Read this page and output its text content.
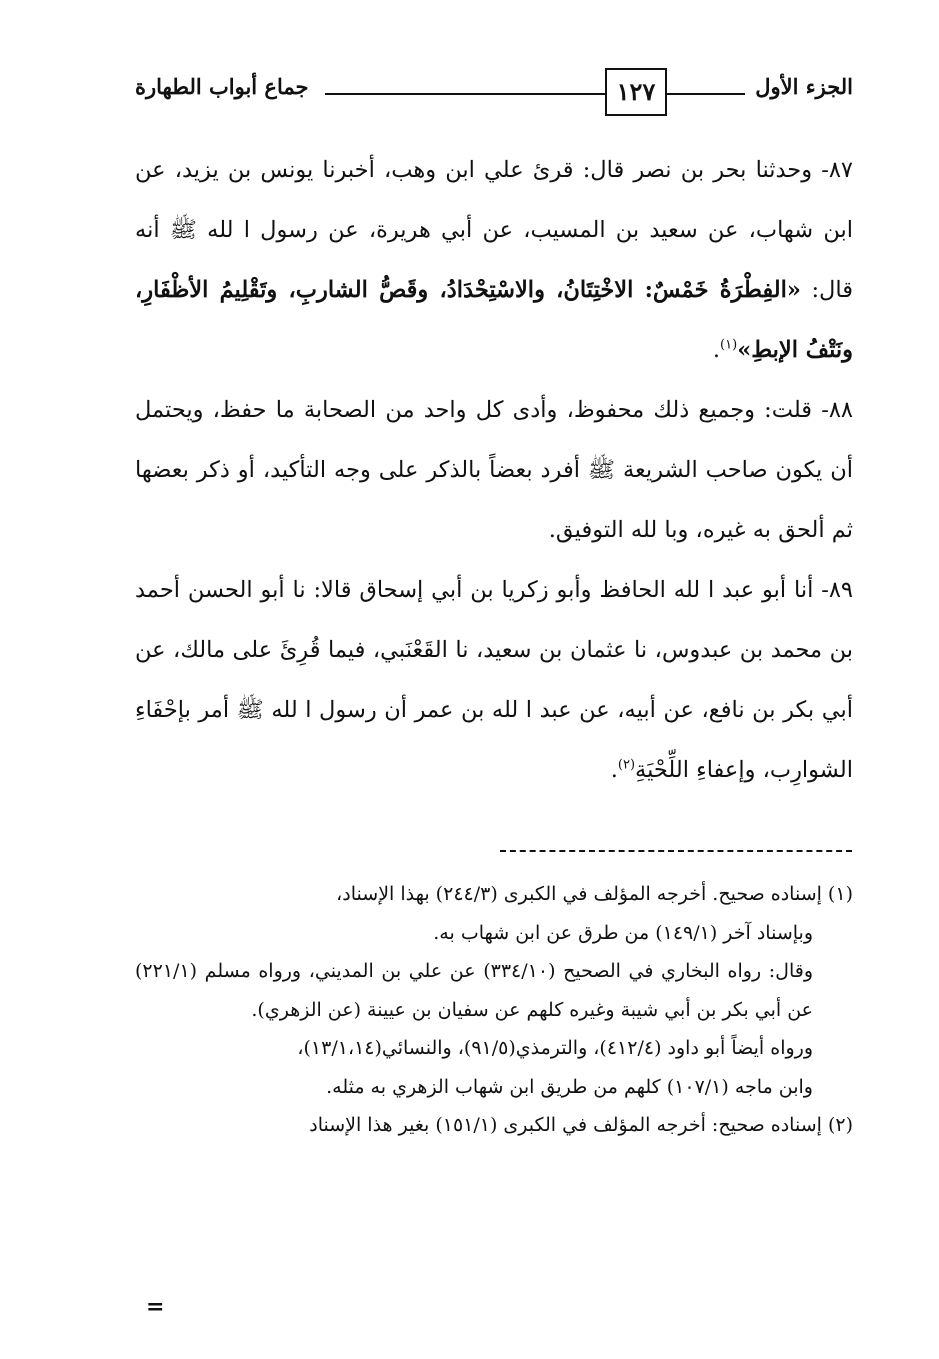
جماع أبواب الطهارة	١٢٧	الجزء الأول

٨٧- وحدثنا بحر بن نصر قال: قرئ علي ابن وهب، أخبرنا يونس بن يزيد، عن ابن شهاب، عن سعيد بن المسيب، عن أبي هريرة، عن رسول ا لله ﷺ أنه قال: «الفِطْرَةُ خَمْسٌ: الاخْتِتَانُ، والاسْتِحْدَادُ، وقَصُّ الشاربِ، وتَقْلِيمُ الأظْفَارِ، ونَتْفُ الإبطِ»$^{(١)}$.

٨٨- قلت: وجميع ذلك محفوظ، وأدى كل واحد من الصحابة ما حفظ، ويحتمل أن يكون صاحب الشريعة ﷺ أفرد بعضاً بالذكر على وجه التأكيد، أو ذكر بعضها ثم ألحق به غيره، وبا لله التوفيق.

٨٩- أنا أبو عبد ا لله الحافظ وأبو زكريا بن أبي إسحاق قالا: نا أبو الحسن أحمد بن محمد بن عبدوس، نا عثمان بن سعيد، نا القَعْنَبي، فيما قُرِئَ على مالك، عن أبي بكر بن نافع، عن أبيه، عن عبد ا لله بن عمر أن رسول ا لله ﷺ أمر بإحْفَاءِ الشوارِب، وإعفاءِ اللِّحْيَةِ$^{(٢)}$.

(١) إسناده صحيح. أخرجه المؤلف في الكبرى (٢٤٤/٣) بهذا الإسناد،

وبإسناد آخر (١٤٩/١) من طرق عن ابن شهاب به.

وقال: رواه البخاري في الصحيح (٣٣٤/١٠) عن علي بن المديني، ورواه مسلم (٢٢١/١) عن أبي بكر بن أبي شيبة وغيره كلهم عن سفيان بن عيينة (عن الزهري).

ورواه أيضاً أبو داود (٤١٢/٤)، والترمذي(٩١/٥)، والنسائي(١٣/١،١٤)،

وابن ماجه (١٠٧/١) كلهم من طريق ابن شهاب الزهري به مثله.

(٢) إسناده صحيح: أخرجه المؤلف في الكبرى (١٥١/١) بغير هذا الإسناد

=
